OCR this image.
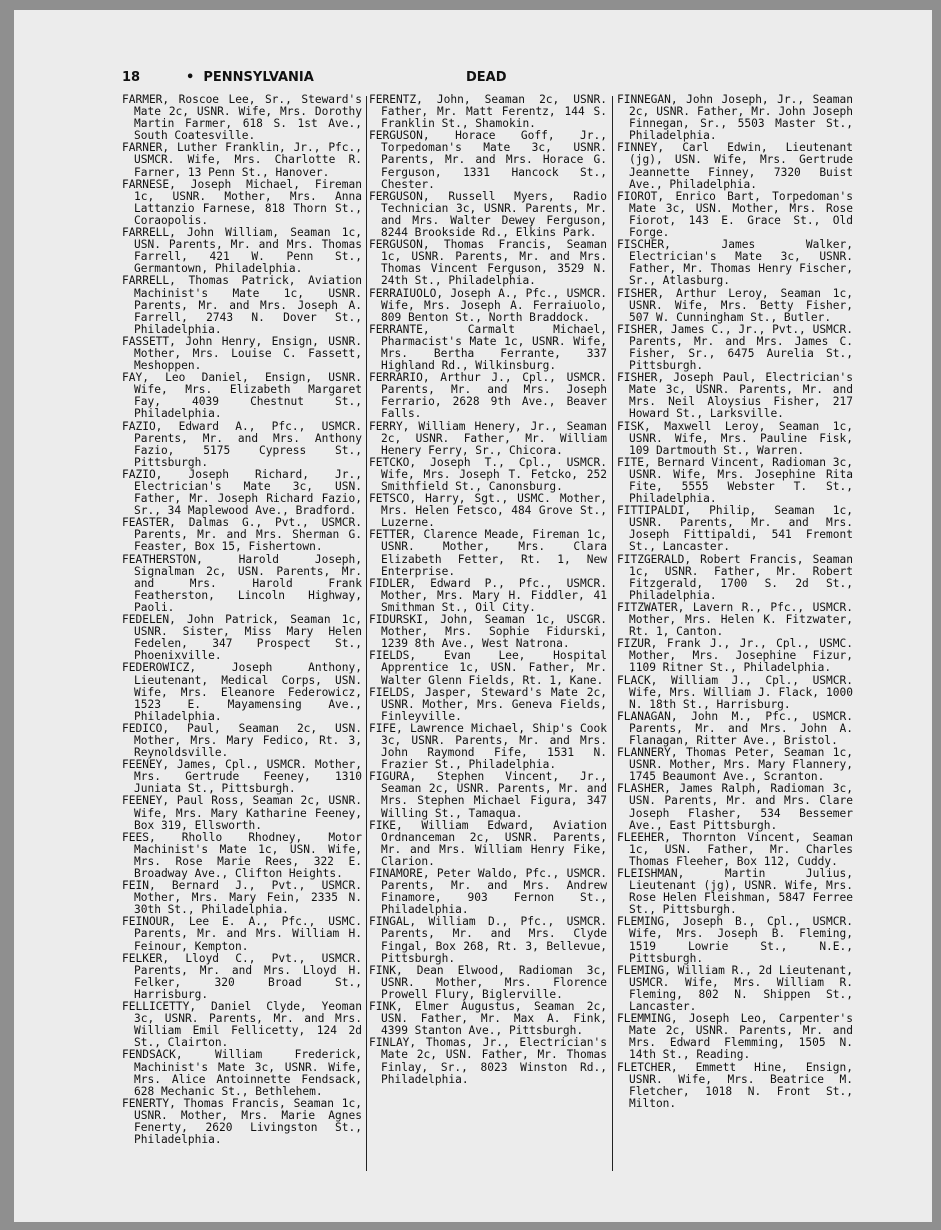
18	• PENNSYLVANIA	DEAD

FARMER, Roscoe Lee, Sr., Steward's Mate 2c, USNR. Wife, Mrs. Dorothy Martin Farmer, 618 S. 1st Ave., South Coatesville.

FARNER, Luther Franklin, Jr., Pfc., USMCR. Wife, Mrs. Charlotte R. Farner, 13 Penn St., Hanover.

FARNESE, Joseph Michael, Fireman 1c, USNR. Mother, Mrs. Anna Lattanzio Farnese, 818 Thorn St., Coraopolis.

FARRELL, John William, Seaman 1c, USN. Parents, Mr. and Mrs. Thomas Farrell, 421 W. Penn St., Germantown, Philadelphia.

FARRELL, Thomas Patrick, Aviation Machinist's Mate 1c, USNR. Parents, Mr. and Mrs. Joseph A. Farrell, 2743 N. Dover St., Philadelphia.

FASSETT, John Henry, Ensign, USNR. Mother, Mrs. Louise C. Fassett, Meshoppen.

FAY, Leo Daniel, Ensign, USNR. Wife, Mrs. Elizabeth Margaret Fay, 4039 Chestnut St., Philadelphia.

FAZIO, Edward A., Pfc., USMCR. Parents, Mr. and Mrs. Anthony Fazio, 5175 Cypress St., Pittsburgh.

FAZIO, Joseph Richard, Jr., Electrician's Mate 3c, USN. Father, Mr. Joseph Richard Fazio, Sr., 34 Maplewood Ave., Bradford.

FEASTER, Dalmas G., Pvt., USMCR. Parents, Mr. and Mrs. Sherman G. Feaster, Box 15, Fishertown.

FEATHERSTON, Harold Joseph, Signalman 2c, USN. Parents, Mr. and Mrs. Harold Frank Featherston, Lincoln Highway, Paoli.

FEDELEN, John Patrick, Seaman 1c, USNR. Sister, Miss Mary Helen Fedelen, 347 Prospect St., Phoenixville.

FEDEROWICZ, Joseph Anthony, Lieutenant, Medical Corps, USN. Wife, Mrs. Eleanore Federowicz, 1523 E. Mayamensing Ave., Philadelphia.

FEDICO, Paul, Seaman 2c, USN. Mother, Mrs. Mary Fedico, Rt. 3, Reynoldsville.

FEENEY, James, Cpl., USMCR. Mother, Mrs. Gertrude Feeney, 1310 Juniata St., Pittsburgh.

FEENEY, Paul Ross, Seaman 2c, USNR. Wife, Mrs. Mary Katharine Feeney, Box 319, Ellsworth.

FEES, Rhollo Rhodney, Motor Machinist's Mate 1c, USN. Wife, Mrs. Rose Marie Rees, 322 E. Broadway Ave., Clifton Heights.

FEIN, Bernard J., Pvt., USMCR. Mother, Mrs. Mary Fein, 2335 N. 30th St., Philadelphia.

FEINOUR, Lee E. A., Pfc., USMC. Parents, Mr. and Mrs. William H. Feinour, Kempton.

FELKER, Lloyd C., Pvt., USMCR. Parents, Mr. and Mrs. Lloyd H. Felker, 320 Broad St., Harrisburg.

FELLICETTY, Daniel Clyde, Yeoman 3c, USNR. Parents, Mr. and Mrs. William Emil Fellicetty, 124 2d St., Clairton.

FENDSACK, William Frederick, Machinist's Mate 3c, USNR. Wife, Mrs. Alice Antoinnette Fendsack, 628 Mechanic St., Bethlehem.

FENERTY, Thomas Francis, Seaman 1c, USNR. Mother, Mrs. Marie Agnes Fenerty, 2620 Livingston St., Philadelphia.

FERENTZ, John, Seaman 2c, USNR. Father, Mr. Matt Ferentz, 144 S. Franklin St., Shamokin.

FERGUSON, Horace Goff, Jr., Torpedoman's Mate 3c, USNR. Parents, Mr. and Mrs. Horace G. Ferguson, 1331 Hancock St., Chester.

FERGUSON, Russell Myers, Radio Technician 3c, USNR. Parents, Mr. and Mrs. Walter Dewey Ferguson, 8244 Brookside Rd., Elkins Park.

FERGUSON, Thomas Francis, Seaman 1c, USNR. Parents, Mr. and Mrs. Thomas Vincent Ferguson, 3529 N. 24th St., Philadelphia.

FERRAIUOLO, Joseph A., Pfc., USMCR. Wife, Mrs. Joseph A. Ferraiuolo, 809 Benton St., North Braddock.

FERRANTE, Carmalt Michael, Pharmacist's Mate 1c, USNR. Wife, Mrs. Bertha Ferrante, 337 Highland Rd., Wilkinsburg.

FERRARIO, Arthur J., Cpl., USMCR. Parents, Mr. and Mrs. Joseph Ferrario, 2628 9th Ave., Beaver Falls.

FERRY, William Henery, Jr., Seaman 2c, USNR. Father, Mr. William Henery Ferry, Sr., Chicora.

FETCKO, Joseph T., Cpl., USMCR. Wife, Mrs. Joseph T. Fetcko, 252 Smithfield St., Canonsburg.

FETSCO, Harry, Sgt., USMC. Mother, Mrs. Helen Fetsco, 484 Grove St., Luzerne.

FETTER, Clarence Meade, Fireman 1c, USNR. Mother, Mrs. Clara Elizabeth Fetter, Rt. 1, New Enterprise.

FIDLER, Edward P., Pfc., USMCR. Mother, Mrs. Mary H. Fiddler, 41 Smithman St., Oil City.

FIDURSKI, John, Seaman 1c, USCGR. Mother, Mrs. Sophie Fidurski, 1239 8th Ave., West Natrona.

FIELDS, Evan Lee, Hospital Apprentice 1c, USN. Father, Mr. Walter Glenn Fields, Rt. 1, Kane.

FIELDS, Jasper, Steward's Mate 2c, USNR. Mother, Mrs. Geneva Fields, Finleyville.

FIFE, Lawrence Michael, Ship's Cook 3c, USNR. Parents, Mr. and Mrs. John Raymond Fife, 1531 N. Frazier St., Philadelphia.

FIGURA, Stephen Vincent, Jr., Seaman 2c, USNR. Parents, Mr. and Mrs. Stephen Michael Figura, 347 Willing St., Tamaqua.

FIKE, William Edward, Aviation Ordnanceman 2c, USNR. Parents, Mr. and Mrs. William Henry Fike, Clarion.

FINAMORE, Peter Waldo, Pfc., USMCR. Parents, Mr. and Mrs. Andrew Finamore, 903 Fernon St., Philadelphia.

FINGAL, William D., Pfc., USMCR. Parents, Mr. and Mrs. Clyde Fingal, Box 268, Rt. 3, Bellevue, Pittsburgh.

FINK, Dean Elwood, Radioman 3c, USNR. Mother, Mrs. Florence Prowell Flury, Biglerville.

FINK, Elmer Augustus, Seaman 2c, USN. Father, Mr. Max A. Fink, 4399 Stanton Ave., Pittsburgh.

FINLAY, Thomas, Jr., Electrician's Mate 2c, USN. Father, Mr. Thomas Finlay, Sr., 8023 Winston Rd., Philadelphia.

FINNEGAN, John Joseph, Jr., Seaman 2c, USNR. Father, Mr. John Joseph Finnegan, Sr., 5503 Master St., Philadelphia.

FINNEY, Carl Edwin, Lieutenant (jg), USN. Wife, Mrs. Gertrude Jeannette Finney, 7320 Buist Ave., Philadelphia.

FIOROT, Enrico Bart, Torpedoman's Mate 3c, USN. Mother, Mrs. Rose Fiorot, 143 E. Grace St., Old Forge.

FISCHER, James Walker, Electrician's Mate 3c, USNR. Father, Mr. Thomas Henry Fischer, Sr., Atlasburg.

FISHER, Arthur Leroy, Seaman 1c, USNR. Wife, Mrs. Betty Fisher, 507 W. Cunningham St., Butler.

FISHER, James C., Jr., Pvt., USMCR. Parents, Mr. and Mrs. James C. Fisher, Sr., 6475 Aurelia St., Pittsburgh.

FISHER, Joseph Paul, Electrician's Mate 3c, USNR. Parents, Mr. and Mrs. Neil Aloysius Fisher, 217 Howard St., Larksville.

FISK, Maxwell Leroy, Seaman 1c, USNR. Wife, Mrs. Pauline Fisk, 109 Dartmouth St., Warren.

FITE, Bernard Vincent, Radioman 3c, USNR. Wife, Mrs. Josephine Rita Fite, 5555 Webster T. St., Philadelphia.

FITTIPALDI, Philip, Seaman 1c, USNR. Parents, Mr. and Mrs. Joseph Fittipaldi, 541 Fremont St., Lancaster.

FITZGERALD, Robert Francis, Seaman 1c, USNR. Father, Mr. Robert Fitzgerald, 1700 S. 2d St., Philadelphia.

FITZWATER, Lavern R., Pfc., USMCR. Mother, Mrs. Helen K. Fitzwater, Rt. 1, Canton.

FIZUR, Frank J., Jr., Cpl., USMC. Mother, Mrs. Josephine Fizur, 1109 Ritner St., Philadelphia.

FLACK, William J., Cpl., USMCR. Wife, Mrs. William J. Flack, 1000 N. 18th St., Harrisburg.

FLANAGAN, John M., Pfc., USMCR. Parents, Mr. and Mrs. John A. Flanagan, Ritter Ave., Bristol.

FLANNERY, Thomas Peter, Seaman 1c, USNR. Mother, Mrs. Mary Flannery, 1745 Beaumont Ave., Scranton.

FLASHER, James Ralph, Radioman 3c, USN. Parents, Mr. and Mrs. Clare Joseph Flasher, 534 Bessemer Ave., East Pittsburgh.

FLEEHER, Thornton Vincent, Seaman 1c, USN. Father, Mr. Charles Thomas Fleeher, Box 112, Cuddy.

FLEISHMAN, Martin Julius, Lieutenant (jg), USNR. Wife, Mrs. Rose Helen Fleishman, 5847 Ferree St., Pittsburgh.

FLEMING, Joseph B., Cpl., USMCR. Wife, Mrs. Joseph B. Fleming, 1519 Lowrie St., N.E., Pittsburgh.

FLEMING, William R., 2d Lieutenant, USMCR. Wife, Mrs. William R. Fleming, 802 N. Shippen St., Lancaster.

FLEMMING, Joseph Leo, Carpenter's Mate 2c, USNR. Parents, Mr. and Mrs. Edward Flemming, 1505 N. 14th St., Reading.

FLETCHER, Emmett Hine, Ensign, USNR. Wife, Mrs. Beatrice M. Fletcher, 1018 N. Front St., Milton.
